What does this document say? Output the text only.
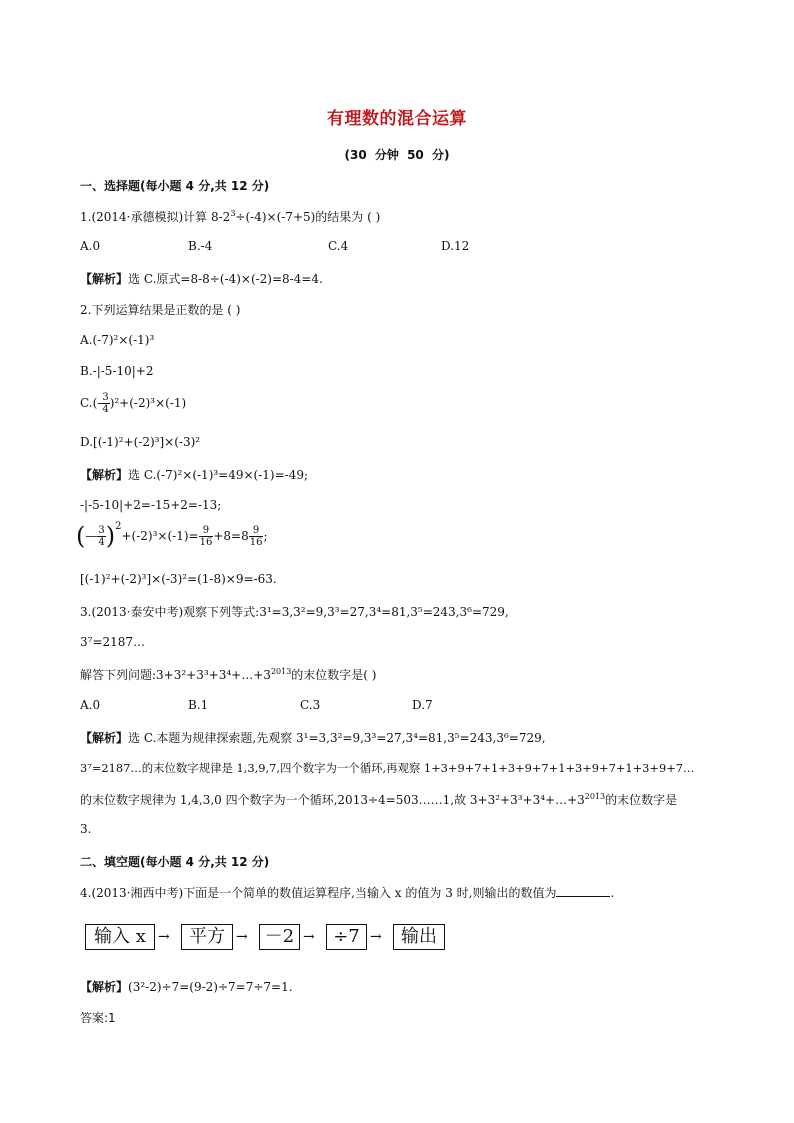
有理数的混合运算
(30 分钟 50 分)
一、选择题(每小题 4 分,共 12 分)
1.(2014·承德模拟)计算 $8-2^3\div(-4)\times(-7+5)$的结果为 ( )
A.0	B.-4	C.4	D.12
【解析】选 C.原式=8-8÷(-4)×(-2)=8-4=4.
2.下列运算结果是正数的是 ( )
A.(-7)²×(-1)³
B.-|-5-10|+2
$C.(- \frac{3}{4} )^2+(-2)^3\times(-1)$
D.[(-1)²+(-2)³]×(-3)²
【解析】选 C.(-7)²×(-1)³=49×(-1)=-49;
-|-5-10|+2=-15+2=-13;
(— $\frac{3}{4} )^2+(-2)^3\times(-1)= \frac{9}{16} +8=8 \frac{9}{16}$ ;
[(-1)²+(-2)³]×(-3)²=(1-8)×9=-63.
3.(2013·泰安中考)观察下列等式:3¹=3,3²=9,3³=27,3⁴=81,3⁵=243,3⁶=729,
3⁷=2187…
解答下列问题$:3+3^2+3^3+3^4+\dots+3^{2013}$的末位数字是( )
A.0	B.1	C.3	D.7
【解析】选 C.本题为规律探索题,先观察 3¹=3,3²=9,3³=27,3⁴=81,3⁵=243,3⁶=729,
3⁷=2187…的末位数字规律是 1,3,9,7,四个数字为一个循环,再观察 1+3+9+7+1+3+9+7+1+3+9+7+1+3+9+7…
的末位数字规律为 1,4,3,0 四个数字为一个循环,2013÷4=503……1,故 $3+3^2+3^3+3^4+\dots+3^{2013}$的末位数字是
3.
二、填空题(每小题 4 分,共 12 分)
4.(2013·湘西中考)下面是一个简单的数值运算程序,当输入 x 的值为 3 时,则输出的数值为	.
输入 x →	平方 → －2 →	÷7 →	输出
【解析】(3²-2)÷7=(9-2)÷7=7÷7=1.
答案:1
